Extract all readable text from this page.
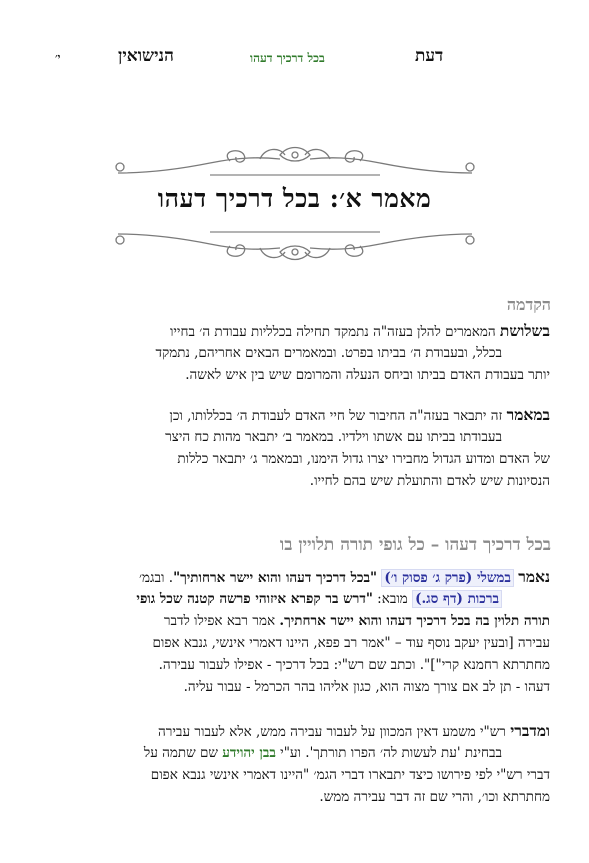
דעת
בכל דרכיך דעהו
הנישואין
י׳
מאמר א׳: בכל דרכיך דעהו
הקדמה
בשלושת המאמרים להלן בעזה"ה נתמקד תחילה בכלליות עבודת ה׳ בחייו
בכלל, ובעבודת ה׳ בביתו בפרט. ובמאמרים הבאים אחריהם, נתמקד
יותר בעבודת האדם בביתו וביחס הנעלה והמרומם שיש בין איש לאשה.
במאמר זה יתבאר בעזה"ה החיבור של חיי האדם לעבודת ה׳ בכללותו, וכן
בעבודתו בביתו עם אשתו וילדיו. במאמר ב׳ יתבאר מהות כח היצר
של האדם ומדוע הגדול מחבירו יצרו גדול הימנו, ובמאמר ג׳ יתבאר כללות
הנסיונות שיש לאדם והתועלת שיש בהם לחייו.
בכל דרכיך דעהו – כל גופי תורה תלויין בו
נאמר במשלי (פרק ג׳ פסוק ו׳) "בכל דרכיך דעהו והוא יישר ארחותיך". ובגמ׳
ברכות (דף סג.) מובא: "דרש בר קפרא איזוהי פרשה קטנה שכל גופי
תורה תלוין בה בכל דרכיך דעהו והוא יישר ארחתיך. אמר רבא אפילו לדבר
עבירה [ובעין יעקב נוסף עוד – "אמר רב פפא, היינו דאמרי אינשי, גנבא אפום
מחתרתא רחמנא קרי"]". וכתב שם רש"י: בכל דרכיך - אפילו לעבור עבירה.
דעהו - תן לב אם צורך מצוה הוא, כגון אליהו בהר הכרמל - עבור עליה.
ומדברי רש"י משמע דאין המכוון על לעבור עבירה ממש, אלא לעבור עבירה
בבחינת 'עת לעשות לה׳ הפרו תורתך'. וע"י בבן יהוידע שם שתמה על
דברי רש"י לפי פירושו כיצד יתבארו דברי הגמ׳ "היינו דאמרי אינשי גנבא אפום
מחתרתא וכו׳, והרי שם זה דבר עבירה ממש.
